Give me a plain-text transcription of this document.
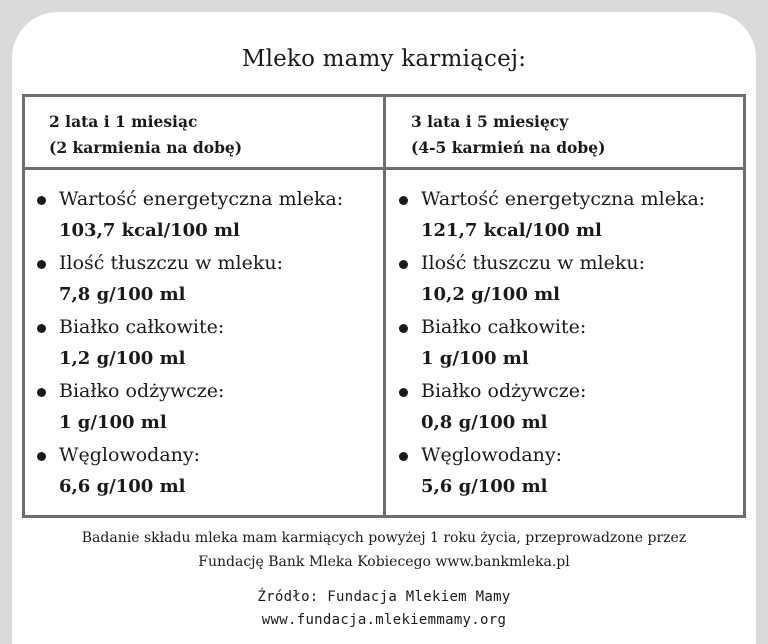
Mleko mamy karmiącej:
2 lata i 1 miesiąc
(2 karmienia na dobę)
3 lata i 5 miesięcy
(4-5 karmień na dobę)
Wartość energetyczna mleka:
103,7 kcal/100 ml
Ilość tłuszczu w mleku:
7,8 g/100 ml
Białko całkowite:
1,2 g/100 ml
Białko odżywcze:
1 g/100 ml
Węglowodany:
6,6 g/100 ml
Wartość energetyczna mleka:
121,7 kcal/100 ml
Ilość tłuszczu w mleku:
10,2 g/100 ml
Białko całkowite:
1 g/100 ml
Białko odżywcze:
0,8 g/100 ml
Węglowodany:
5,6 g/100 ml
Badanie składu mleka mam karmiących powyżej 1 roku życia, przeprowadzone przez
Fundację Bank Mleka Kobiecego www.bankmleka.pl
Źródło: Fundacja Mlekiem Mamy
www.fundacja.mlekiemmamy.org
